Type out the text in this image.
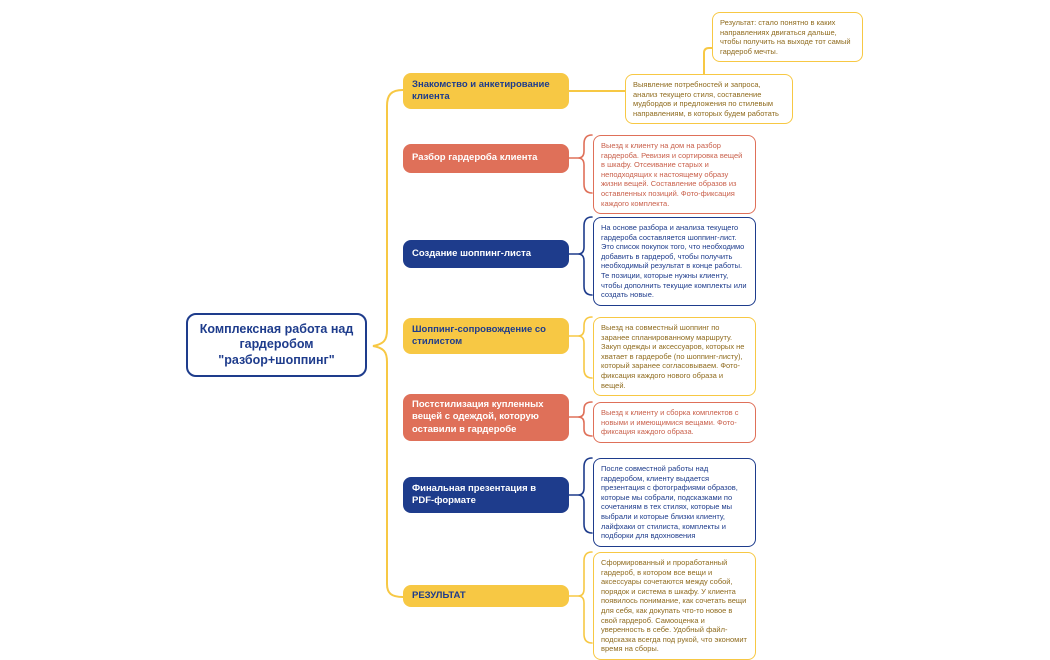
Комплексная работа над гардеробом "разбор+шоппинг"
Результат: стало понятно в каких направлениях двигаться дальше, чтобы получить на выходе тот самый гардероб мечты.
Знакомство и анкетирование клиента
Разбор гардероба клиента
Создание шоппинг-листа
Шоппинг-сопровождение со стилистом
Постстилизация купленных вещей с одеждой, которую оставили в гардеробе
Финальная презентация в PDF-формате
РЕЗУЛЬТАТ
Выявление потребностей и запроса, анализ текущего стиля, составление мудбордов и предложения по стилевым направлениям, в которых будем работать
Выезд к клиенту на дом на разбор гардероба. Ревизия и сортировка вещей в шкафу. Отсеивание старых и неподходящих к настоящему образу жизни вещей. Составление образов из оставленных позиций. Фото-фиксация каждого комплекта.
На основе разбора и анализа текущего гардероба составляется шоппинг-лист. Это список покупок того, что необходимо добавить в гардероб, чтобы получить необходимый результат в конце работы. Те позиции, которые нужны клиенту, чтобы дополнить текущие комплекты или создать новые.
Выезд на совместный шоппинг по заранее спланированному маршруту. Закуп одежды и аксессуаров, которых не хватает в гардеробе (по шоппинг-листу), который заранее согласовываем. Фото-фиксация каждого нового образа и вещей.
Выезд к клиенту и сборка комплектов с новыми и имеющимися вещами. Фото-фиксация каждого образа.
После совместной работы над гардеробом, клиенту выдается презентация с фотографиями образов, которые мы собрали, подсказками по сочетаниям в тех стилях, которые мы выбрали и которые близки клиенту, лайфхаки от стилиста, комплекты и подборки для вдохновения
Сформированный и проработанный гардероб, в котором все вещи и аксессуары сочетаются между собой, порядок и система в шкафу. У клиента появилось понимание, как сочетать вещи для себя, как докупать что-то новое в свой гардероб. Самооценка и уверенность в себе. Удобный файл-подсказка всегда под рукой, что экономит время на сборы.
